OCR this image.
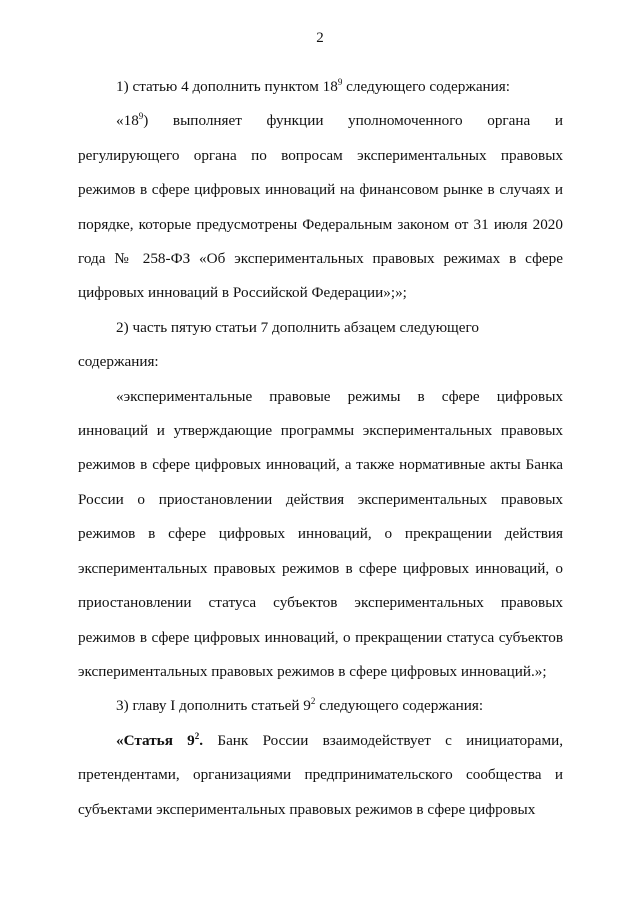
2

1) статью 4 дополнить пунктом $18^9$ следующего содержания:

«$18^9$) выполняет функции уполномоченного органа и регулирующего органа по вопросам экспериментальных правовых режимов в сфере цифровых инноваций на финансовом рынке в случаях и порядке, которые предусмотрены Федеральным законом от 31 июля 2020 года № 258-ФЗ «Об экспериментальных правовых режимах в сфере цифровых инноваций в Российской Федерации»;»;

2) часть пятую статьи 7 дополнить абзацем следующего содержания:

«экспериментальные правовые режимы в сфере цифровых инноваций и утверждающие программы экспериментальных правовых режимов в сфере цифровых инноваций, а также нормативные акты Банка России о приостановлении действия экспериментальных правовых режимов в сфере цифровых инноваций, о прекращении действия экспериментальных правовых режимов в сфере цифровых инноваций, о приостановлении статуса субъектов экспериментальных правовых режимов в сфере цифровых инноваций, о прекращении статуса субъектов экспериментальных правовых режимов в сфере цифровых инноваций.»;

3) главу I дополнить статьей $9^2$ следующего содержания:

«Статья $9^2$. Банк России взаимодействует с инициаторами, претендентами, организациями предпринимательского сообщества и субъектами экспериментальных правовых режимов в сфере цифровых
